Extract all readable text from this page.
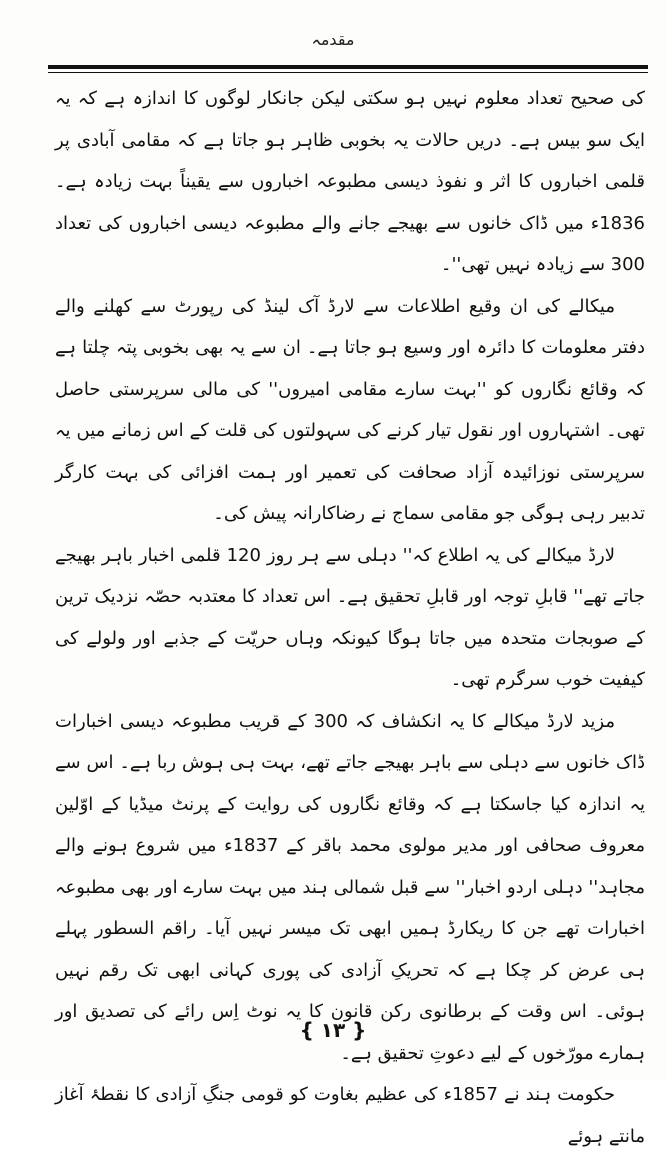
مقدمہ

کی صحیح تعداد معلوم نہیں ہو سکتی لیکن جانکار لوگوں کا اندازہ ہے کہ یہ ایک سو بیس ہے۔ دریں حالات یہ بخوبی ظاہر ہو جاتا ہے کہ مقامی آبادی پر قلمی اخباروں کا اثر و نفوذ دیسی مطبوعہ اخباروں سے یقیناً بہت زیادہ ہے۔ 1836ء میں ڈاک خانوں سے بھیجے جانے والے مطبوعہ دیسی اخباروں کی تعداد 300 سے زیادہ نہیں تھی''۔

میکالے کی ان وقیع اطلاعات سے لارڈ آک لینڈ کی رپورٹ سے کھلنے والے دفتر معلومات کا دائرہ اور وسیع ہو جاتا ہے۔ ان سے یہ بھی بخوبی پتہ چلتا ہے کہ وقائع نگاروں کو ''بہت سارے مقامی امیروں'' کی مالی سرپرستی حاصل تھی۔ اشتہاروں اور نقول تیار کرنے کی سہولتوں کی قلت کے اس زمانے میں یہ سرپرستی نوزائیدہ آزاد صحافت کی تعمیر اور ہمت افزائی کی بہت کارگر تدبیر رہی ہوگی جو مقامی سماج نے رضاکارانہ پیش کی۔

لارڈ میکالے کی یہ اطلاع کہ'' دہلی سے ہر روز 120 قلمی اخبار باہر بھیجے جاتے تھے'' قابلِ توجہ اور قابلِ تحقیق ہے۔ اس تعداد کا معتدبہ حصّہ نزدیک ترین کے صوبجات متحدہ میں جاتا ہوگا کیونکہ وہاں حریّت کے جذبے اور ولولے کی کیفیت خوب سرگرم تھی۔

مزید لارڈ میکالے کا یہ انکشاف کہ 300 کے قریب مطبوعہ دیسی اخبارات ڈاک خانوں سے دہلی سے باہر بھیجے جاتے تھے، بہت ہی ہوش ربا ہے۔ اس سے یہ اندازہ کیا جاسکتا ہے کہ وقائع نگاروں کی روایت کے پرنٹ میڈیا کے اوّلین معروف صحافی اور مدیر مولوی محمد باقر کے 1837ء میں شروع ہونے والے مجاہد'' دہلی اردو اخبار'' سے قبل شمالی ہند میں بہت سارے اور بھی مطبوعہ اخبارات تھے جن کا ریکارڈ ہمیں ابھی تک میسر نہیں آیا۔ راقم السطور پہلے ہی عرض کر چکا ہے کہ تحریکِ آزادی کی پوری کہانی ابھی تک رقم نہیں ہوئی۔ اس وقت کے برطانوی رکن قانون کا یہ نوٹ اِس رائے کی تصدیق اور ہمارے مورّخوں کے لیے دعوتِ تحقیق ہے۔

حکومت ہند نے 1857ء کی عظیم بغاوت کو قومی جنگِ آزادی کا نقطۂ آغاز مانتے ہوئے

{ ۱۳ }
